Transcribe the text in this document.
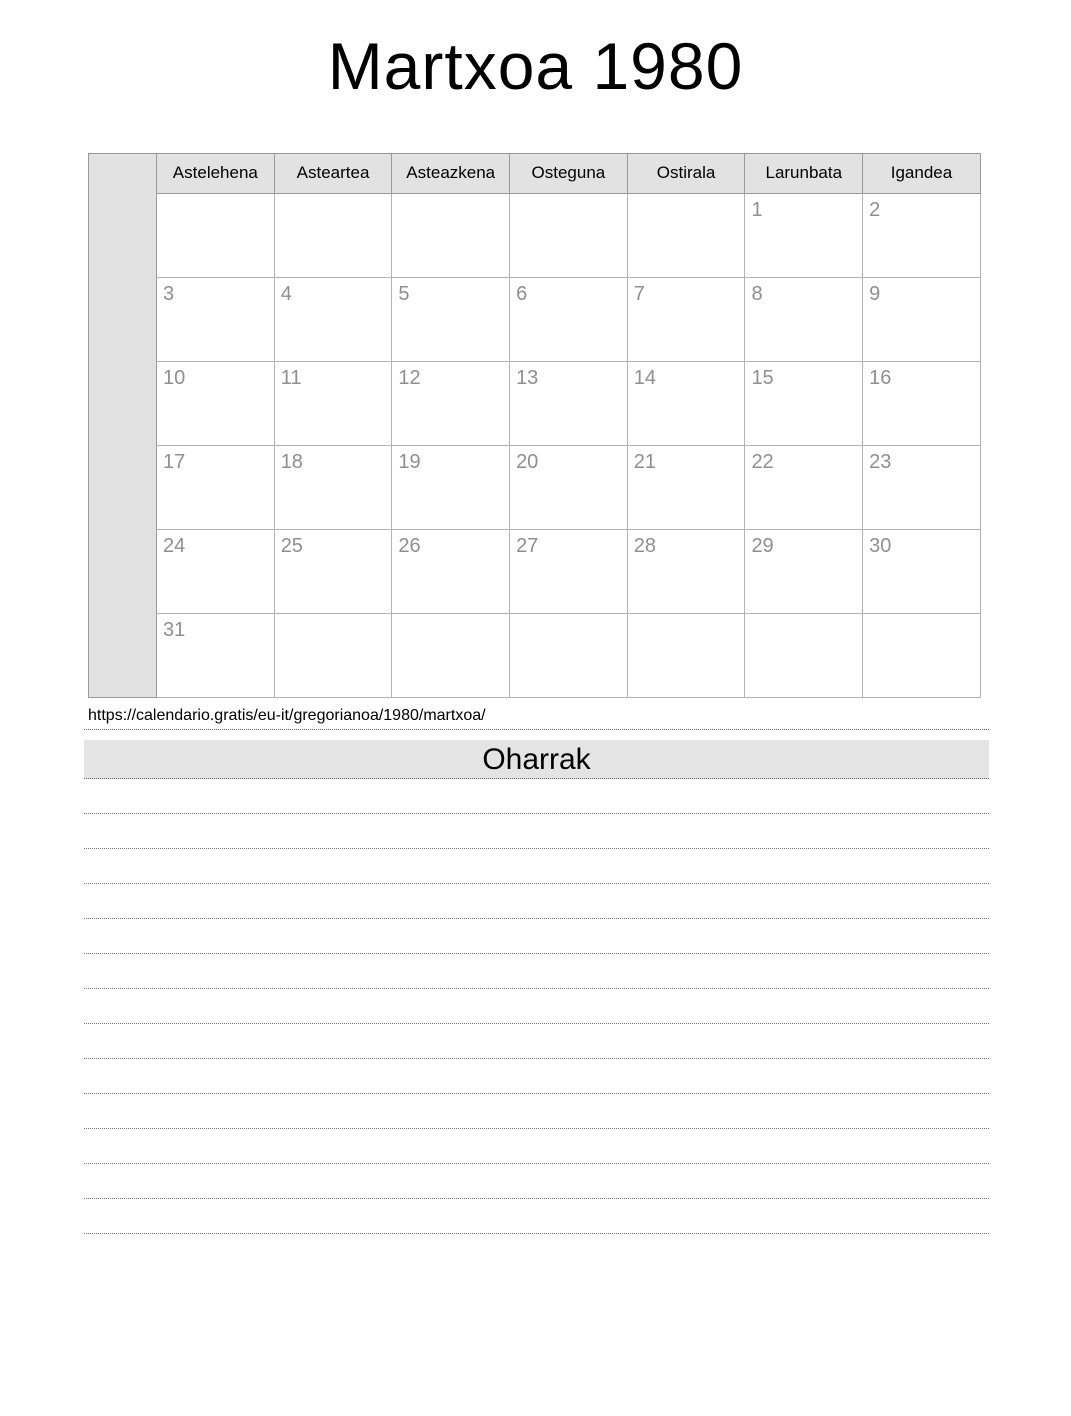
Martxoa 1980
	Astelehena	Asteartea	Asteazkena	Osteguna	Ostirala	Larunbata	Igandea
						1	2
	3	4	5	6	7	8	9
	10	11	12	13	14	15	16
	17	18	19	20	21	22	23
	24	25	26	27	28	29	30
	31						

https://calendario.gratis/eu-it/gregorianoa/1980/martxoa/

Oharrak
